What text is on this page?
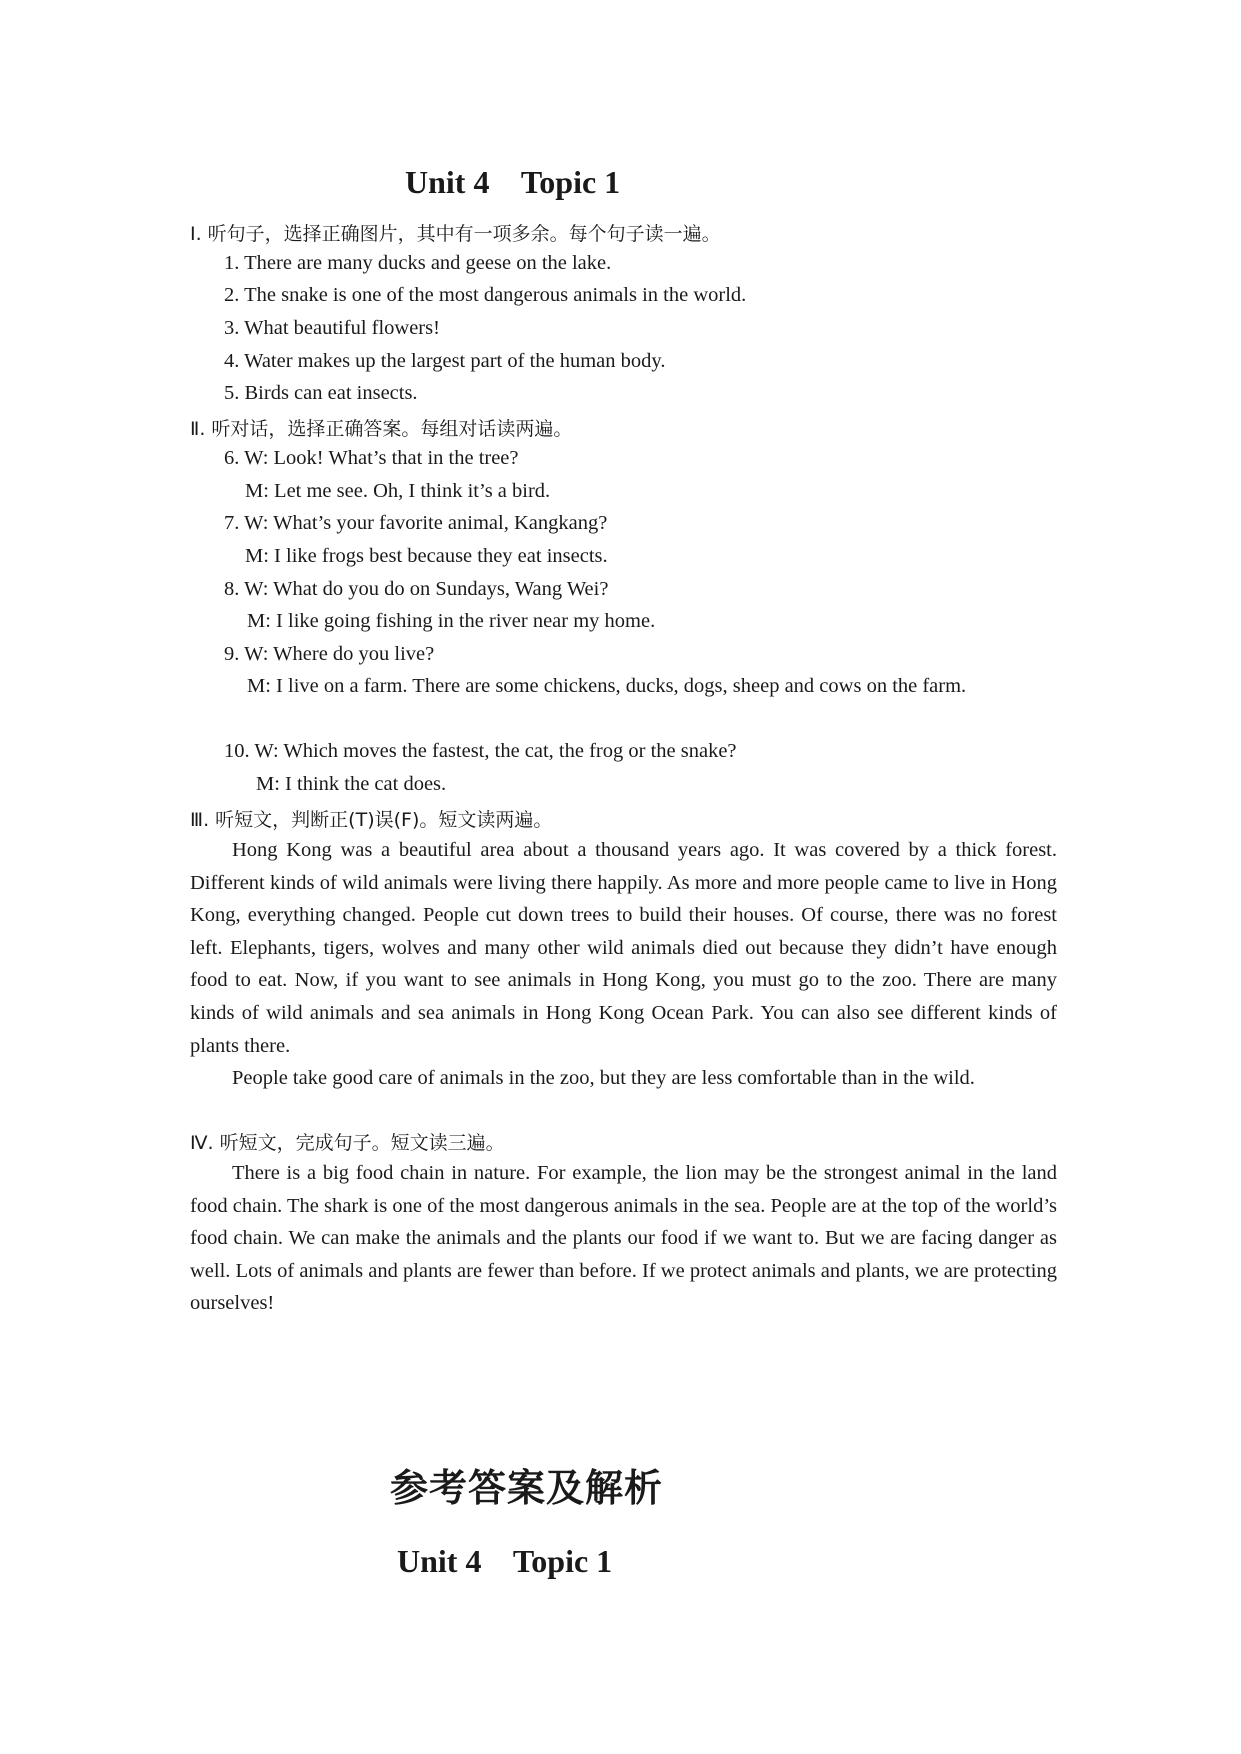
Unit 4    Topic 1
Ⅰ. 听句子，选择正确图片，其中有一项多余。每个句子读一遍。
1. There are many ducks and geese on the lake.
2. The snake is one of the most dangerous animals in the world.
3. What beautiful flowers!
4. Water makes up the largest part of the human body.
5. Birds can eat insects.
Ⅱ. 听对话，选择正确答案。每组对话读两遍。
6. W: Look! What’s that in the tree?
M: Let me see. Oh, I think it’s a bird.
7. W: What’s your favorite animal, Kangkang?
M: I like frogs best because they eat insects.
8. W: What do you do on Sundays, Wang Wei?
M: I like going fishing in the river near my home.
9. W: Where do you live?
M: I live on a farm. There are some chickens, ducks, dogs, sheep and cows on the farm.
10. W: Which moves the fastest, the cat, the frog or the snake?
M: I think the cat does.
Ⅲ. 听短文，判断正(T)误(F)。短文读两遍。

Hong Kong was a beautiful area about a thousand years ago. It was covered by a thick forest. Different kinds of wild animals were living there happily. As more and more people came to live in Hong Kong, everything changed. People cut down trees to build their houses. Of course, there was no forest left. Elephants, tigers, wolves and many other wild animals died out because they didn’t have enough food to eat. Now, if you want to see animals in Hong Kong, you must go to the zoo. There are many kinds of wild animals and sea animals in Hong Kong Ocean Park. You can also see different kinds of plants there.

People take good care of animals in the zoo, but they are less comfortable than in the wild.

Ⅳ. 听短文，完成句子。短文读三遍。

There is a big food chain in nature. For example, the lion may be the strongest animal in the land food chain. The shark is one of the most dangerous animals in the sea. People are at the top of the world’s food chain. We can make the animals and the plants our food if we want to. But we are facing danger as well. Lots of animals and plants are fewer than before. If we protect animals and plants, we are protecting ourselves!

参考答案及解析
Unit 4    Topic 1
